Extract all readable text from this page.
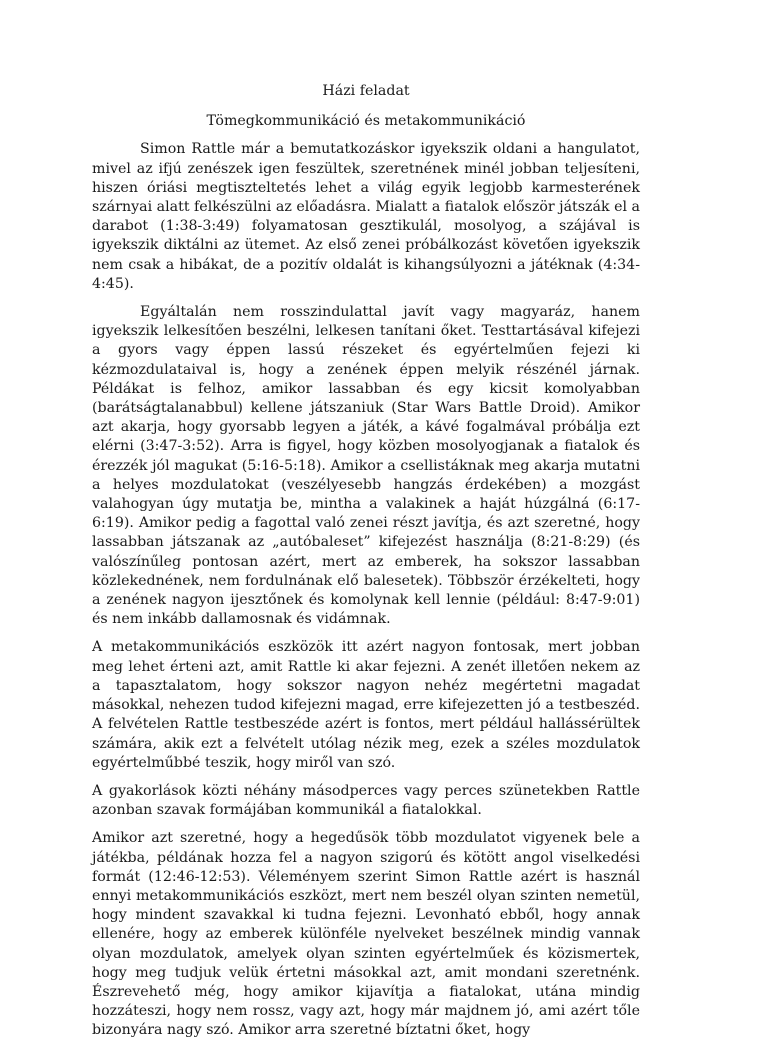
Házi feladat
Tömegkommunikáció és metakommunikáció

Simon Rattle már a bemutatkozáskor igyekszik oldani a hangulatot, mivel az ifjú zenészek igen feszültek, szeretnének minél jobban teljesíteni, hiszen óriási megtiszteltetés lehet a világ egyik legjobb karmesterének szárnyai alatt felkészülni az előadásra. Mialatt a fiatalok először játszák el a darabot (1:38-3:49) folyamatosan gesztikulál, mosolyog, a szájával is igyekszik diktálni az ütemet. Az első zenei próbálkozást követően igyekszik nem csak a hibákat, de a pozitív oldalát is kihangsúlyozni a játéknak (4:34-4:45).

Egyáltalán nem rosszindulattal javít vagy magyaráz, hanem igyekszik lelkesítően beszélni, lelkesen tanítani őket. Testtartásával kifejezi a gyors vagy éppen lassú részeket és egyértelműen fejezi ki kézmozdulataival is, hogy a zenének éppen melyik részénél járnak. Példákat is felhoz, amikor lassabban és egy kicsit komolyabban (barátságtalanabbul) kellene játszaniuk (Star Wars Battle Droid). Amikor azt akarja, hogy gyorsabb legyen a játék, a kávé fogalmával próbálja ezt elérni (3:47-3:52). Arra is figyel, hogy közben mosolyogjanak a fiatalok és érezzék jól magukat (5:16-5:18). Amikor a csellistáknak meg akarja mutatni a helyes mozdulatokat (veszélyesebb hangzás érdekében) a mozgást valahogyan úgy mutatja be, mintha a valakinek a haját húzgálná (6:17-6:19). Amikor pedig a fagottal való zenei részt javítja, és azt szeretné, hogy lassabban játszanak az „autóbaleset” kifejezést használja (8:21-8:29) (és valószínűleg pontosan azért, mert az emberek, ha sokszor lassabban közlekednének, nem fordulnának elő balesetek). Többször érzékelteti, hogy a zenének nagyon ijesztőnek és komolynak kell lennie (például: 8:47-9:01) és nem inkább dallamosnak és vidámnak.

A metakommunikációs eszközök itt azért nagyon fontosak, mert jobban meg lehet érteni azt, amit Rattle ki akar fejezni. A zenét illetően nekem az a tapasztalatom, hogy sokszor nagyon nehéz megértetni magadat másokkal, nehezen tudod kifejezni magad, erre kifejezetten jó a testbeszéd. A felvételen Rattle testbeszéde azért is fontos, mert például hallássérültek számára, akik ezt a felvételt utólag nézik meg, ezek a széles mozdulatok egyértelműbbé teszik, hogy miről van szó.

A gyakorlások közti néhány másodperces vagy perces szünetekben Rattle azonban szavak formájában kommunikál a fiatalokkal.

Amikor azt szeretné, hogy a hegedűsök több mozdulatot vigyenek bele a játékba, példának hozza fel a nagyon szigorú és kötött angol viselkedési formát (12:46-12:53). Véleményem szerint Simon Rattle azért is használ ennyi metakommunikációs eszközt, mert nem beszél olyan szinten nemetül, hogy mindent szavakkal ki tudna fejezni. Levonható ebből, hogy annak ellenére, hogy az emberek különféle nyelveket beszélnek mindig vannak olyan mozdulatok, amelyek olyan szinten egyértelműek és közismertek, hogy meg tudjuk velük értetni másokkal azt, amit mondani szeretnénk. Észrevehető még, hogy amikor kijavítja a fiatalokat, utána mindig hozzáteszi, hogy nem rossz, vagy azt, hogy már majdnem jó, ami azért tőle bizonyára nagy szó. Amikor arra szeretné bíztatni őket, hogy
